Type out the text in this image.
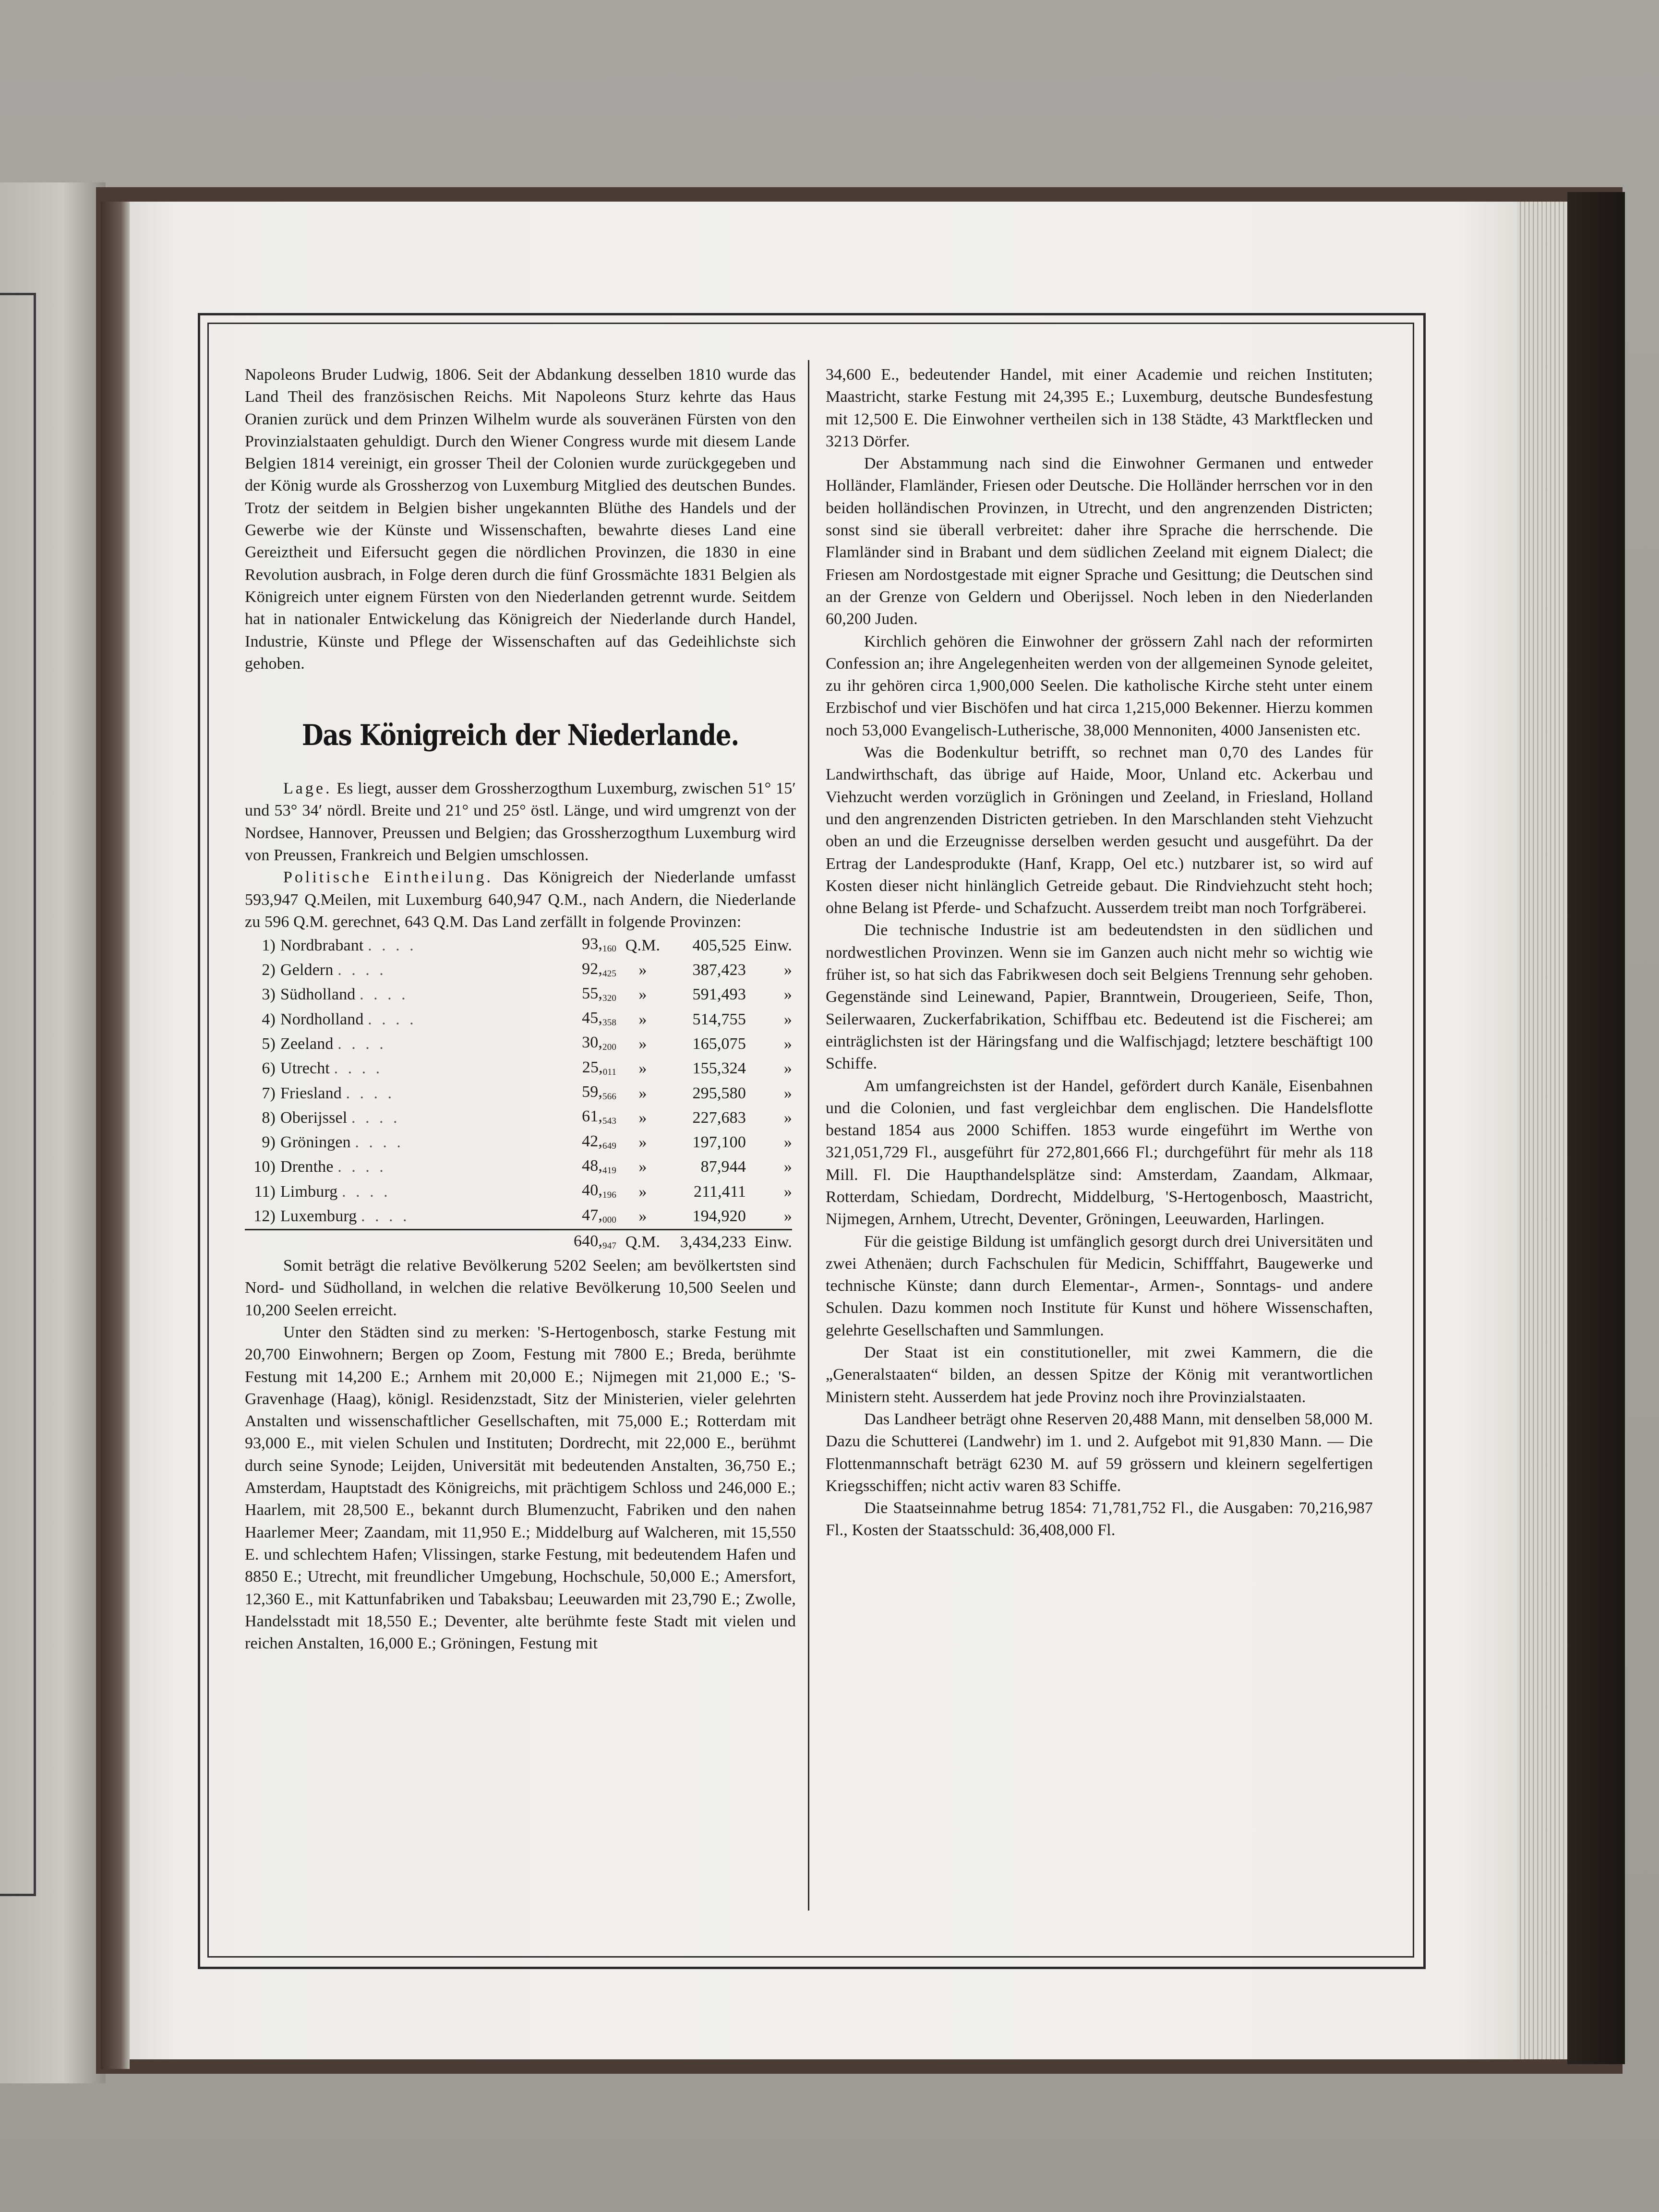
Napoleons Bruder Ludwig, 1806. Seit der Abdankung desselben 1810 wurde das Land Theil des französischen Reichs. Mit Napoleons Sturz kehrte das Haus Oranien zurück und dem Prinzen Wilhelm wurde als souveränen Fürsten von den Provinzialstaaten gehuldigt. Durch den Wiener Congress wurde mit diesem Lande Belgien 1814 vereinigt, ein grosser Theil der Colonien wurde zurückgegeben und der König wurde als Grossherzog von Luxemburg Mitglied des deutschen Bundes. Trotz der seitdem in Belgien bisher ungekannten Blüthe des Handels und der Gewerbe wie der Künste und Wissenschaften, bewahrte dieses Land eine Gereiztheit und Eifersucht gegen die nördlichen Provinzen, die 1830 in eine Revolution ausbrach, in Folge deren durch die fünf Grossmächte 1831 Belgien als Königreich unter eignem Fürsten von den Niederlanden getrennt wurde. Seitdem hat in nationaler Entwickelung das Königreich der Niederlande durch Handel, Industrie, Künste und Pflege der Wissenschaften auf das Gedeihlichste sich gehoben.

Das Königreich der Niederlande.

Lage. Es liegt, ausser dem Grossherzogthum Luxemburg, zwischen 51° 15′ und 53° 34′ nördl. Breite und 21° und 25° östl. Länge, und wird umgrenzt von der Nordsee, Hannover, Preussen und Belgien; das Grossherzogthum Luxemburg wird von Preussen, Frankreich und Belgien umschlossen.

Politische Eintheilung. Das Königreich der Niederlande umfasst 593,947 Q.Meilen, mit Luxemburg 640,947 Q.M., nach Andern, die Niederlande zu 596 Q.M. gerechnet, 643 Q.M. Das Land zerfällt in folgende Provinzen:

1)	Nordbrabant . . . .	93,160	Q.M.	405,525	Einw.
2)	Geldern . . . .	92,425	»	387,423	»
3)	Südholland . . . .	55,320	»	591,493	»
4)	Nordholland . . . .	45,358	»	514,755	»
5)	Zeeland . . . .	30,200	»	165,075	»
6)	Utrecht . . . .	25,011	»	155,324	»
7)	Friesland . . . .	59,566	»	295,580	»
8)	Oberijssel . . . .	61,543	»	227,683	»
9)	Gröningen . . . .	42,649	»	197,100	»
10)	Drenthe . . . .	48,419	»	87,944	»
11)	Limburg . . . .	40,196	»	211,411	»
12)	Luxemburg . . . .	47,000	»	194,920	»
		640,947	Q.M.	3,434,233	Einw.

Somit beträgt die relative Bevölkerung 5202 Seelen; am bevölkertsten sind Nord- und Südholland, in welchen die relative Bevölkerung 10,500 Seelen und 10,200 Seelen erreicht.

Unter den Städten sind zu merken: 'S-Hertogenbosch, starke Festung mit 20,700 Einwohnern; Bergen op Zoom, Festung mit 7800 E.; Breda, berühmte Festung mit 14,200 E.; Arnhem mit 20,000 E.; Nijmegen mit 21,000 E.; 'S-Gravenhage (Haag), königl. Residenzstadt, Sitz der Ministerien, vieler gelehrten Anstalten und wissenschaftlicher Gesellschaften, mit 75,000 E.; Rotterdam mit 93,000 E., mit vielen Schulen und Instituten; Dordrecht, mit 22,000 E., berühmt durch seine Synode; Leijden, Universität mit bedeutenden Anstalten, 36,750 E.; Amsterdam, Hauptstadt des Königreichs, mit prächtigem Schloss und 246,000 E.; Haarlem, mit 28,500 E., bekannt durch Blumenzucht, Fabriken und den nahen Haarlemer Meer; Zaandam, mit 11,950 E.; Middelburg auf Walcheren, mit 15,550 E. und schlechtem Hafen; Vlissingen, starke Festung, mit bedeutendem Hafen und 8850 E.; Utrecht, mit freundlicher Umgebung, Hochschule, 50,000 E.; Amersfort, 12,360 E., mit Kattunfabriken und Tabaksbau; Leeuwarden mit 23,790 E.; Zwolle, Handelsstadt mit 18,550 E.; Deventer, alte berühmte feste Stadt mit vielen und reichen Anstalten, 16,000 E.; Gröningen, Festung mit

34,600 E., bedeutender Handel, mit einer Academie und reichen Instituten; Maastricht, starke Festung mit 24,395 E.; Luxemburg, deutsche Bundesfestung mit 12,500 E. Die Einwohner vertheilen sich in 138 Städte, 43 Marktflecken und 3213 Dörfer.

Der Abstammung nach sind die Einwohner Germanen und entweder Holländer, Flamländer, Friesen oder Deutsche. Die Holländer herrschen vor in den beiden holländischen Provinzen, in Utrecht, und den angrenzenden Districten; sonst sind sie überall verbreitet: daher ihre Sprache die herrschende. Die Flamländer sind in Brabant und dem südlichen Zeeland mit eignem Dialect; die Friesen am Nordostgestade mit eigner Sprache und Gesittung; die Deutschen sind an der Grenze von Geldern und Oberijssel. Noch leben in den Niederlanden 60,200 Juden.

Kirchlich gehören die Einwohner der grössern Zahl nach der reformirten Confession an; ihre Angelegenheiten werden von der allgemeinen Synode geleitet, zu ihr gehören circa 1,900,000 Seelen. Die katholische Kirche steht unter einem Erzbischof und vier Bischöfen und hat circa 1,215,000 Bekenner. Hierzu kommen noch 53,000 Evangelisch-Lutherische, 38,000 Mennoniten, 4000 Jansenisten etc.

Was die Bodenkultur betrifft, so rechnet man 0,70 des Landes für Landwirthschaft, das übrige auf Haide, Moor, Unland etc. Ackerbau und Viehzucht werden vorzüglich in Gröningen und Zeeland, in Friesland, Holland und den angrenzenden Districten getrieben. In den Marschlanden steht Viehzucht oben an und die Erzeugnisse derselben werden gesucht und ausgeführt. Da der Ertrag der Landesprodukte (Hanf, Krapp, Oel etc.) nutzbarer ist, so wird auf Kosten dieser nicht hinlänglich Getreide gebaut. Die Rindviehzucht steht hoch; ohne Belang ist Pferde- und Schafzucht. Ausserdem treibt man noch Torfgräberei.

Die technische Industrie ist am bedeutendsten in den südlichen und nordwestlichen Provinzen. Wenn sie im Ganzen auch nicht mehr so wichtig wie früher ist, so hat sich das Fabrikwesen doch seit Belgiens Trennung sehr gehoben. Gegenstände sind Leinewand, Papier, Branntwein, Drougerieen, Seife, Thon, Seilerwaaren, Zuckerfabrikation, Schiffbau etc. Bedeutend ist die Fischerei; am einträglichsten ist der Häringsfang und die Walfischjagd; letztere beschäftigt 100 Schiffe.

Am umfangreichsten ist der Handel, gefördert durch Kanäle, Eisenbahnen und die Colonien, und fast vergleichbar dem englischen. Die Handelsflotte bestand 1854 aus 2000 Schiffen. 1853 wurde eingeführt im Werthe von 321,051,729 Fl., ausgeführt für 272,801,666 Fl.; durchgeführt für mehr als 118 Mill. Fl. Die Haupthandelsplätze sind: Amsterdam, Zaandam, Alkmaar, Rotterdam, Schiedam, Dordrecht, Middelburg, 'S-Hertogenbosch, Maastricht, Nijmegen, Arnhem, Utrecht, Deventer, Gröningen, Leeuwarden, Harlingen.

Für die geistige Bildung ist umfänglich gesorgt durch drei Universitäten und zwei Athenäen; durch Fachschulen für Medicin, Schifffahrt, Baugewerke und technische Künste; dann durch Elementar-, Armen-, Sonntags- und andere Schulen. Dazu kommen noch Institute für Kunst und höhere Wissenschaften, gelehrte Gesellschaften und Sammlungen.

Der Staat ist ein constitutioneller, mit zwei Kammern, die die „Generalstaaten“ bilden, an dessen Spitze der König mit verantwortlichen Ministern steht. Ausserdem hat jede Provinz noch ihre Provinzialstaaten.

Das Landheer beträgt ohne Reserven 20,488 Mann, mit denselben 58,000 M. Dazu die Schutterei (Landwehr) im 1. und 2. Aufgebot mit 91,830 Mann. — Die Flottenmannschaft beträgt 6230 M. auf 59 grössern und kleinern segelfertigen Kriegsschiffen; nicht activ waren 83 Schiffe.

Die Staatseinnahme betrug 1854: 71,781,752 Fl., die Ausgaben: 70,216,987 Fl., Kosten der Staatsschuld: 36,408,000 Fl.
